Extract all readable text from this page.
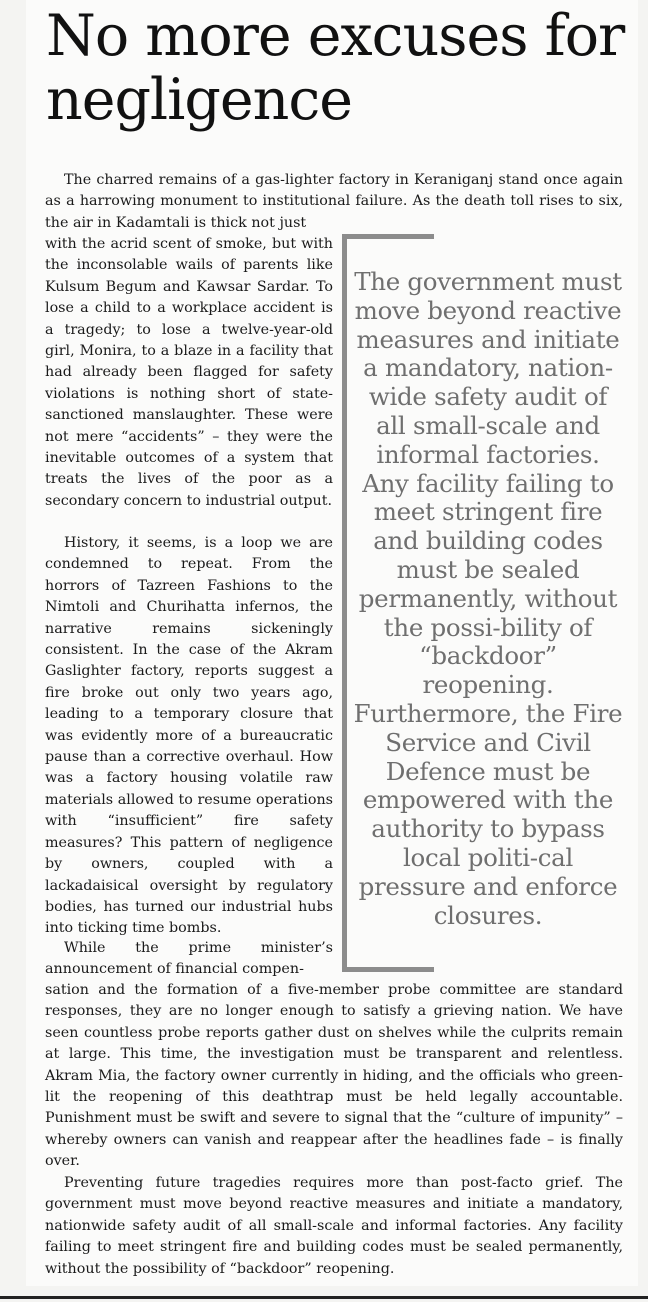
No more excuses for negligence

The charred remains of a gas-lighter factory in Keraniganj stand once again as a harrowing monument to institutional failure. As the death toll rises to six, the air in Kadamtali is thick not just

with the acrid scent of smoke, but with the inconsolable wails of parents like Kulsum Begum and Kawsar Sardar. To lose a child to a workplace accident is a tragedy; to lose a twelve-year-old girl, Monira, to a blaze in a facility that had already been flagged for safety violations is nothing short of state-sanctioned manslaughter. These were not mere “accidents” – they were the inevitable outcomes of a system that treats the lives of the poor as a secondary concern to industrial output.

History, it seems, is a loop we are condemned to repeat. From the horrors of Tazreen Fashions to the Nimtoli and Churihatta infernos, the narrative remains sickeningly consistent. In the case of the Akram Gaslighter factory, reports suggest a fire broke out only two years ago, leading to a temporary closure that was evidently more of a bureaucratic pause than a corrective overhaul. How was a factory housing volatile raw materials allowed to resume operations with “insufficient” fire safety measures? This pattern of negligence by owners, coupled with a lackadaisical oversight by regulatory bodies, has turned our industrial hubs into ticking time bombs.

While the prime minister’s announcement of financial compen-

sation and the formation of a five-member probe committee are standard responses, they are no longer enough to satisfy a grieving nation. We have seen countless probe reports gather dust on shelves while the culprits remain at large. This time, the investigation must be transparent and relentless. Akram Mia, the factory owner currently in hiding, and the officials who green-lit the reopening of this deathtrap must be held legally accountable. Punishment must be swift and severe to signal that the “culture of impunity” – whereby owners can vanish and reappear after the headlines fade – is finally over.

Preventing future tragedies requires more than post-facto grief. The government must move beyond reactive measures and initiate a mandatory, nationwide safety audit of all small-scale and informal factories. Any facility failing to meet stringent fire and building codes must be sealed permanently, without the possibility of “backdoor” reopening.

The government must move beyond reactive measures and initiate a mandatory, nation-wide safety audit of all small-scale and informal factories. Any facility failing to meet stringent fire and building codes must be sealed permanently, without the possi-bility of “backdoor” reopening. Furthermore, the Fire Service and Civil Defence must be empowered with the authority to bypass local politi-cal pressure and enforce closures.
